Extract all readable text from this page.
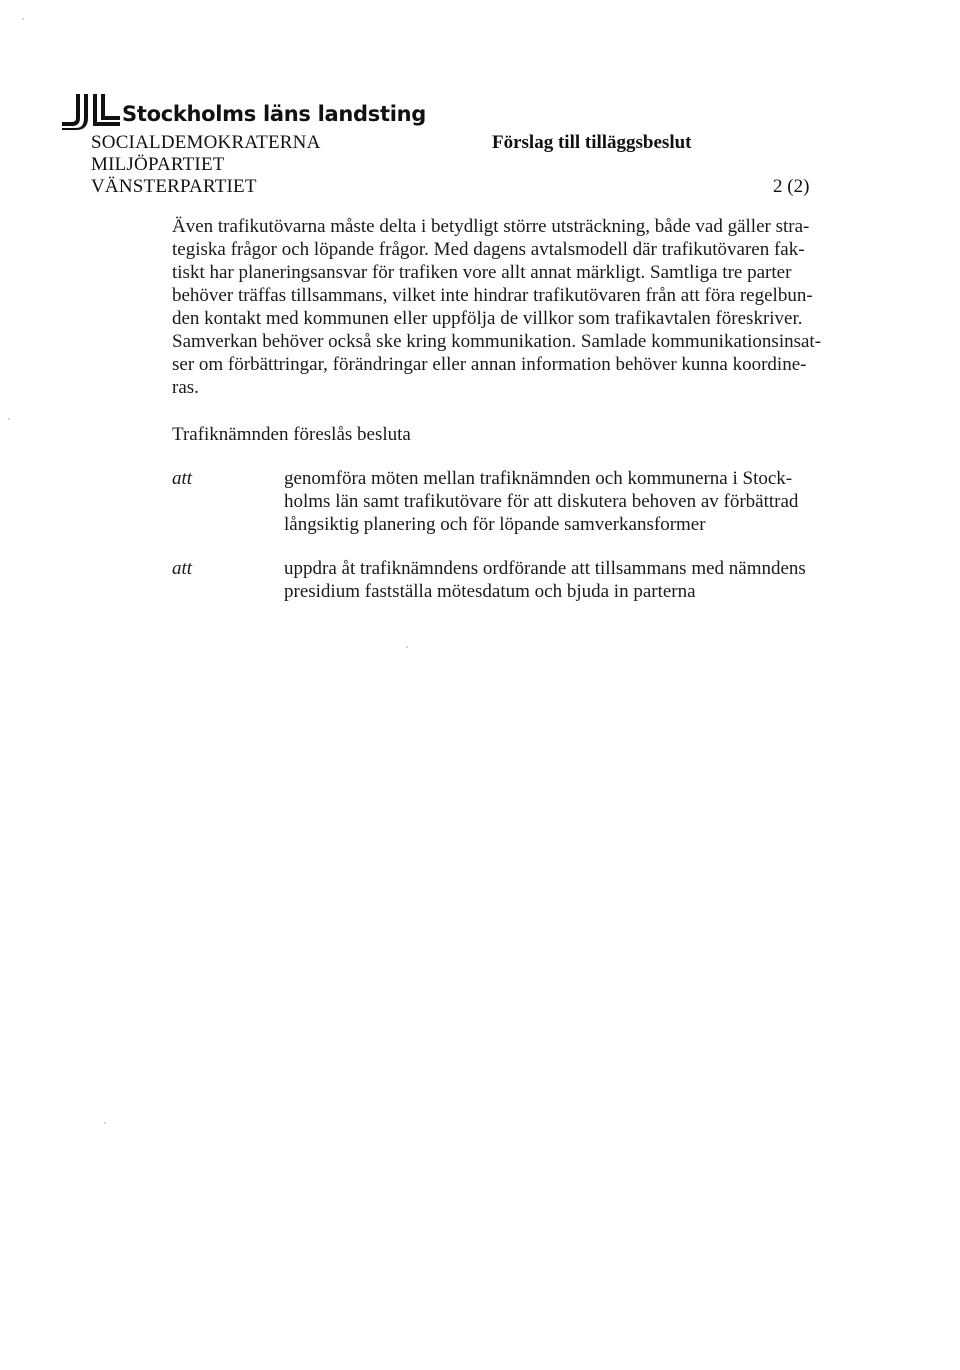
Stockholms läns landsting
SOCIALDEMOKRATERNA
MILJÖPARTIET
VÄNSTERPARTIET
Förslag till tilläggsbeslut
2 (2)
Även trafikutövarna måste delta i betydligt större utsträckning, både vad gäller stra-
tegiska frågor och löpande frågor. Med dagens avtalsmodell där trafikutövaren fak-
tiskt har planeringsansvar för trafiken vore allt annat märkligt. Samtliga tre parter
behöver träffas tillsammans, vilket inte hindrar trafikutövaren från att föra regelbun-
den kontakt med kommunen eller uppfölja de villkor som trafikavtalen föreskriver.
Samverkan behöver också ske kring kommunikation. Samlade kommunikationsinsat-
ser om förbättringar, förändringar eller annan information behöver kunna koordine-
ras.
Trafiknämnden föreslås besluta
att	genomföra möten mellan trafiknämnden och kommunerna i Stock-
holms län samt trafikutövare för att diskutera behoven av förbättrad
långsiktig planering och för löpande samverkansformer
att	uppdra åt trafiknämndens ordförande att tillsammans med nämndens
presidium fastställa mötesdatum och bjuda in parterna
